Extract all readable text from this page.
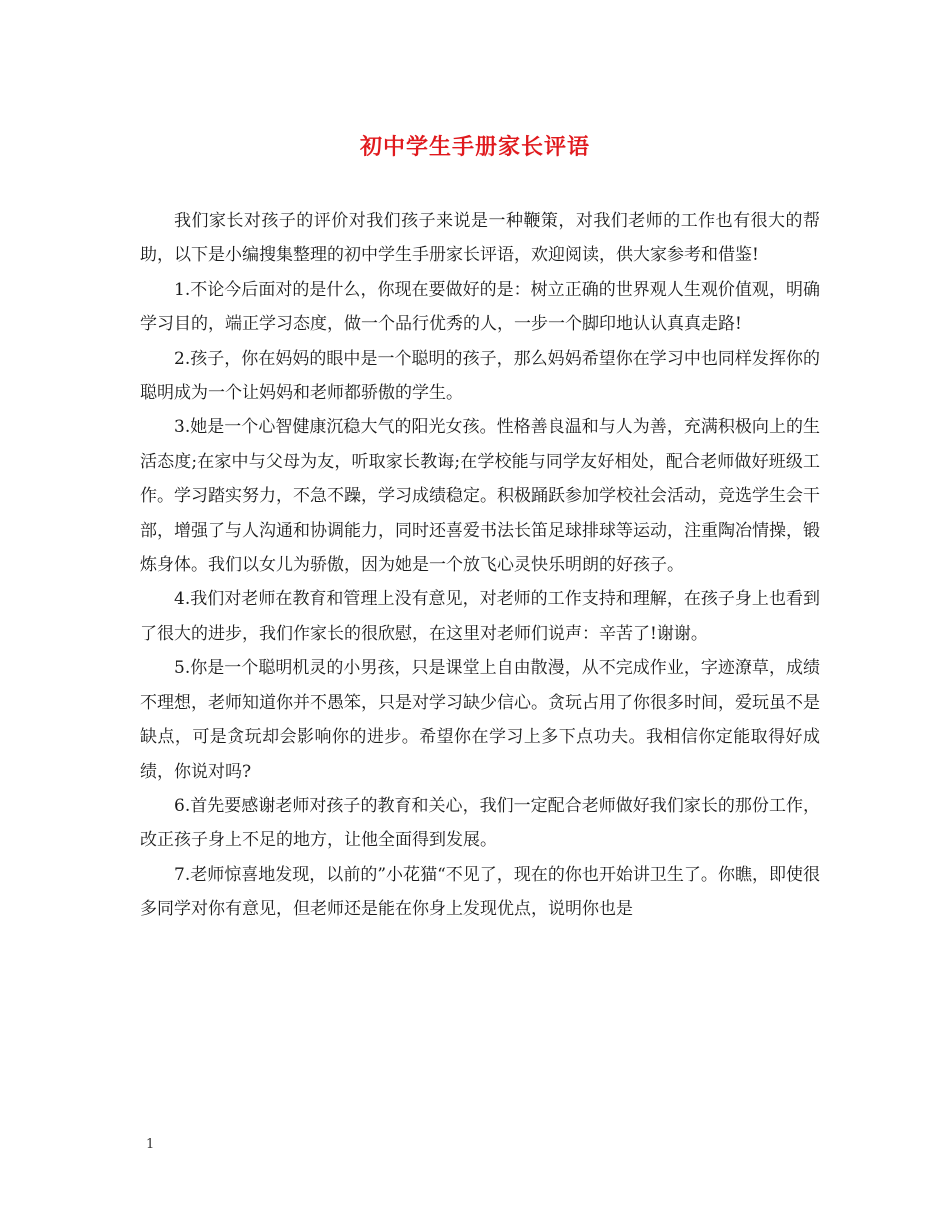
初中学生手册家长评语

我们家长对孩子的评价对我们孩子来说是一种鞭策，对我们老师的工作也有很大的帮助，以下是小编搜集整理的初中学生手册家长评语，欢迎阅读，供大家参考和借鉴!

1.不论今后面对的是什么，你现在要做好的是：树立正确的世界观人生观价值观，明确学习目的，端正学习态度，做一个品行优秀的人，一步一个脚印地认认真真走路!

2.孩子，你在妈妈的眼中是一个聪明的孩子，那么妈妈希望你在学习中也同样发挥你的聪明成为一个让妈妈和老师都骄傲的学生。

3.她是一个心智健康沉稳大气的阳光女孩。性格善良温和与人为善，充满积极向上的生活态度;在家中与父母为友，听取家长教诲;在学校能与同学友好相处，配合老师做好班级工作。学习踏实努力，不急不躁，学习成绩稳定。积极踊跃参加学校社会活动，竞选学生会干部，增强了与人沟通和协调能力，同时还喜爱书法长笛足球排球等运动，注重陶冶情操，锻炼身体。我们以女儿为骄傲，因为她是一个放飞心灵快乐明朗的好孩子。

4.我们对老师在教育和管理上没有意见，对老师的工作支持和理解，在孩子身上也看到了很大的进步，我们作家长的很欣慰，在这里对老师们说声：辛苦了!谢谢。

5.你是一个聪明机灵的小男孩，只是课堂上自由散漫，从不完成作业，字迹潦草，成绩不理想，老师知道你并不愚笨，只是对学习缺少信心。贪玩占用了你很多时间，爱玩虽不是缺点，可是贪玩却会影响你的进步。希望你在学习上多下点功夫。我相信你定能取得好成绩，你说对吗?

6.首先要感谢老师对孩子的教育和关心，我们一定配合老师做好我们家长的那份工作，改正孩子身上不足的地方，让他全面得到发展。

7.老师惊喜地发现，以前的”小花猫“不见了，现在的你也开始讲卫生了。你瞧，即使很多同学对你有意见，但老师还是能在你身上发现优点，说明你也是

1
